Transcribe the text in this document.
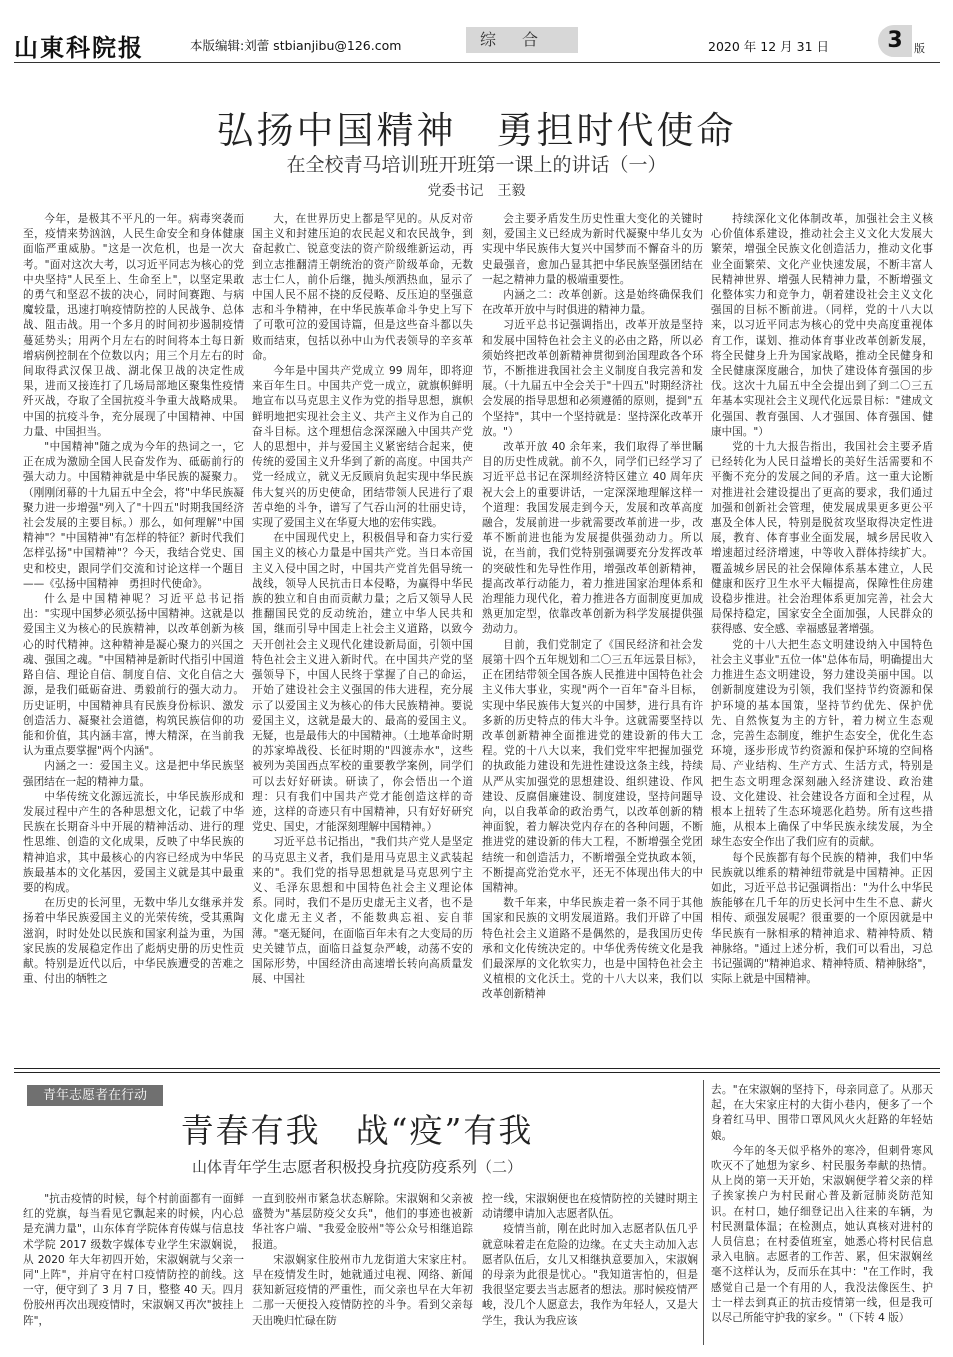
山東科院报	本版编辑:刘蕾 stbianjibu@126.com	综合	2020 年 12 月 31 日	3	版
弘扬中国精神　勇担时代使命
在全校青马培训班开班第一课上的讲话（一）
党委书记　王毅

今年，是极其不平凡的一年。病毒突袭而至，疫情来势汹汹，人民生命安全和身体健康面临严重威胁。"这是一次危机，也是一次大考。"面对这次大考，以习近平同志为核心的党中央坚持"人民至上、生命至上"，以坚定果敢的勇气和坚忍不拔的决心，同时间赛跑、与病魔较量，迅速打响疫情防控的人民战争、总体战、阻击战。用一个多月的时间初步遏制疫情蔓延势头；用两个月左右的时间将本土每日新增病例控制在个位数以内；用三个月左右的时间取得武汉保卫战、湖北保卫战的决定性成果，进而又接连打了几场局部地区聚集性疫情歼灭战，夺取了全国抗疫斗争重大战略成果。中国的抗疫斗争，充分展现了中国精神、中国力量、中国担当。

"中国精神"随之成为今年的热词之一，它正在成为激励全国人民奋发作为、砥砺前行的强大动力。中国精神就是中华民族的凝聚力。（刚刚闭幕的十九届五中全会，将"中华民族凝聚力进一步增强"列入了"十四五"时期我国经济社会发展的主要目标。）那么，如何理解"中国精神"？"中国精神"有怎样的特征？新时代我们怎样弘扬"中国精神"？今天，我结合党史、国史和校史，跟同学们交流和讨论这样一个题目——《弘扬中国精神　勇担时代使命》。

什么是中国精神呢？习近平总书记指出："实现中国梦必须弘扬中国精神。这就是以爱国主义为核心的民族精神，以改革创新为核心的时代精神。这种精神是凝心聚力的兴国之魂、强国之魂。"中国精神是新时代指引中国道路自信、理论自信、制度自信、文化自信之大源，是我们砥砺奋进、勇毅前行的强大动力。历史证明，中国精神具有民族身份标识、激发创造活力、凝聚社会道德，构筑民族信仰的功能和价值，其内涵丰富，博大精深，在当前我认为重点要掌握"两个内涵"。

内涵之一：爱国主义。这是把中华民族坚强团结在一起的精神力量。

中华传统文化源远流长，中华民族形成和发展过程中产生的各种思想文化，记载了中华民族在长期奋斗中开展的精神活动、进行的理性思维、创造的文化成果，反映了中华民族的精神追求，其中最核心的内容已经成为中华民族最基本的文化基因，爱国主义就是其中最重要的构成。

在历史的长河里，无数中华儿女继承并发扬着中华民族爱国主义的光荣传统，受其熏陶滋润，时时处处以民族和国家利益为重，为国家民族的发展稳定作出了彪炳史册的历史性贡献。特别是近代以后，中华民族遭受的苦难之重、付出的牺牲之

大，在世界历史上都是罕见的。从反对帝国主义和封建压迫的农民起义和农民战争，到奋起救亡、锐意变法的资产阶级维新运动，再到立志推翻清王朝统治的资产阶级革命，无数志士仁人，前仆后继，抛头颅洒热血，显示了中国人民不屈不挠的反侵略、反压迫的坚强意志和斗争精神，在中华民族革命斗争史上写下了可歌可泣的爱国诗篇，但是这些奋斗都以失败而结束，包括以孙中山为代表领导的辛亥革命。

今年是中国共产党成立 99 周年，即将迎来百年生日。中国共产党一成立，就旗帜鲜明地宣布以马克思主义作为党的指导思想，旗帜鲜明地把实现社会主义、共产主义作为自己的奋斗目标。这个理想信念深深融入中国共产党人的思想中，并与爱国主义紧密结合起来，使传统的爱国主义升华到了新的高度。中国共产党一经成立，就义无反顾肩负起实现中华民族伟大复兴的历史使命，团结带领人民进行了艰苦卓绝的斗争，谱写了气吞山河的壮丽史诗，实现了爱国主义在华夏大地的宏伟实践。

在中国现代史上，积极倡导和奋力实行爱国主义的核心力量是中国共产党。当日本帝国主义入侵中国之时，中国共产党首先倡导统一战线，领导人民抗击日本侵略，为赢得中华民族的独立和自由而贡献力量；之后又领导人民推翻国民党的反动统治，建立中华人民共和国，继而引导中国走上社会主义道路，以致今天开创社会主义现代化建设新局面，引领中国特色社会主义进入新时代。在中国共产党的坚强领导下，中国人民终于掌握了自己的命运，开始了建设社会主义强国的伟大进程，充分展示了以爱国主义为核心的伟大民族精神。要说爱国主义，这就是最大的、最高的爱国主义。无疑，也是最伟大的中国精神。（土地革命时期的苏家埠战役、长征时期的"四渡赤水"，这些被列为美国西点军校的重要教学案例，同学们可以去好好研读。研读了，你会悟出一个道理：只有我们中国共产党才能创造这样的奇迹，这样的奇迹只有中国精神，只有好好研究党史、国史，才能深刻理解中国精神。）

习近平总书记指出，"我们共产党人是坚定的马克思主义者，我们是用马克思主义武装起来的"。我们党的指导思想就是马克思列宁主义、毛泽东思想和中国特色社会主义理论体系。同时，我们不是历史虚无主义者，也不是文化虚无主义者，不能数典忘祖、妄自菲薄。"毫无疑问，在面临百年未有之大变局的历史关键节点，面临日益复杂严峻，动荡不安的国际形势，中国经济由高速增长转向高质量发展、中国社

会主要矛盾发生历史性重大变化的关键时刻，爱国主义已经成为新时代凝聚中华儿女为实现中华民族伟大复兴中国梦而不懈奋斗的历史最强音，愈加凸显其把中华民族坚强团结在一起之精神力量的极端重要性。

内涵之二：改革创新。这是始终确保我们在改革开放中与时俱进的精神力量。

习近平总书记强调指出，改革开放是坚持和发展中国特色社会主义的必由之路，所以必须始终把改革创新精神贯彻到治国理政各个环节，不断推进我国社会主义制度自我完善和发展。（十九届五中全会关于"十四五"时期经济社会发展的指导思想和必须遵循的原则，提到"五个坚持"，其中一个坚持就是：坚持深化改革开放。"）

改革开放 40 余年来，我们取得了举世瞩目的历史性成就。前不久，同学们已经学习了习近平总书记在深圳经济特区建立 40 周年庆祝大会上的重要讲话，一定深深地理解这样一个道理：我国发展走到今天，发展和改革高度融合，发展前进一步就需要改革前进一步，改革不断前进也能为发展提供强劲动力。所以说，在当前，我们党特别强调要充分发挥改革的突破性和先导性作用，增强改革创新精神，提高改革行动能力，着力推进国家治理体系和治理能力现代化，着力推进各方面制度更加成熟更加定型，依靠改革创新为科学发展提供强劲动力。

目前，我们党制定了《国民经济和社会发展第十四个五年规划和二〇三五年远景目标》，正在团结带领全国各族人民推进中国特色社会主义伟大事业，实现"两个一百年"奋斗目标，实现中华民族伟大复兴的中国梦，进行具有许多新的历史特点的伟大斗争。这就需要坚持以改革创新精神全面推进党的建设新的伟大工程。党的十八大以来，我们党牢牢把握加强党的执政能力建设和先进性建设这条主线，持续从严从实加强党的思想建设、组织建设、作风建设、反腐倡廉建设、制度建设，坚持问题导向，以自我革命的政治勇气，以改革创新的精神面貌，着力解决党内存在的各种问题，不断推进党的建设新的伟大工程，不断增强全党团结统一和创造活力，不断增强全党执政本领，不断提高党治党水平，还无不体现出伟大的中国精神。

数千年来，中华民族走着一条不同于其他国家和民族的文明发展道路。我们开辟了中国特色社会主义道路不是偶然的，是我国历史传承和文化传统决定的。中华优秀传统文化是我们最深厚的文化软实力，也是中国特色社会主义植根的文化沃土。党的十八大以来，我们以改革创新精神

持续深化文化体制改革，加强社会主义核心价值体系建设，推动社会主义文化大发展大繁荣，增强全民族文化创造活力，推动文化事业全面繁荣、文化产业快速发展，不断丰富人民精神世界、增强人民精神力量，不断增强文化整体实力和竞争力，朝着建设社会主义文化强国的目标不断前进。（同样，党的十八大以来，以习近平同志为核心的党中央高度重视体育工作，谋划、推动体育事业改革创新发展，将全民健身上升为国家战略，推动全民健身和全民健康深度融合，加快了建设体育强国的步伐。这次十九届五中全会提出到了到二〇三五年基本实现社会主义现代化远景目标："建成文化强国、教育强国、人才强国、体育强国、健康中国。"）

党的十九大报告指出，我国社会主要矛盾已经转化为人民日益增长的美好生活需要和不平衡不充分的发展之间的矛盾。这一重大论断对推进社会建设提出了更高的要求，我们通过加强和创新社会管理，使发展成果更多更公平惠及全体人民，特别是脱贫攻坚取得决定性进展，教育、体育事业全面发展，城乡居民收入增速超过经济增速，中等收入群体持续扩大。覆盖城乡居民的社会保障体系基本建立，人民健康和医疗卫生水平大幅提高，保障性住房建设稳步推进。社会治理体系更加完善，社会大局保持稳定，国家安全全面加强，人民群众的获得感、安全感、幸福感显著增强。

党的十八大把生态文明建设纳入中国特色社会主义事业"五位一体"总体布局，明确提出大力推进生态文明建设，努力建设美丽中国。以创新制度建设为引领，我们坚持节约资源和保护环境的基本国策，坚持节约优先、保护优先、自然恢复为主的方针，着力树立生态观念，完善生态制度，维护生态安全，优化生态环境，逐步形成节约资源和保护环境的空间格局、产业结构、生产方式、生活方式，特别是把生态文明理念深刻融入经济建设、政治建设、文化建设、社会建设各方面和全过程，从根本上扭转了生态环境恶化趋势。所有这些措施，从根本上确保了中华民族永续发展，为全球生态安全作出了我们应有的贡献。

每个民族都有每个民族的精神，我们中华民族就以维系的精神纽带就是中国精神。正因如此，习近平总书记强调指出："为什么中华民族能够在几千年的历史长河中生生不息、薪火相传、顽强发展呢？很重要的一个原因就是中华民族有一脉相承的精神追求、精神特质、精神脉络。"通过上述分析，我们可以看出，习总书记强调的"精神追求、精神特质、精神脉络"，实际上就是中国精神。

青年志愿者在行动
青春有我　战“疫”有我
山体青年学生志愿者积极投身抗疫防疫系列（二）

"抗击疫情的时候，每个村前面都有一面鲜红的党旗，每当看见它飘起来的时候，内心总是充满力量"，山东体育学院体育传媒与信息技术学院 2017 级数字媒体专业学生宋淑娴说，从 2020 年大年初四开始，宋淑娴就与父亲一同"上阵"，并肩守在村口疫情防控的前线。这一守，便守到了 3 月 7 日，整整 40 天。四月份胶州再次出现疫情时，宋淑娴又再次"披挂上阵"，

一直到胶州市紧急状态解除。宋淑娴和父亲被盛赞为"基层防疫父女兵"，他们的事迹也被新华社客户端、"我爱金胶州"等公众号相继追踪报道。

宋淑娴家住胶州市九龙街道大宋家庄村。早在疫情发生时，她就通过电视、网络、新闻获知新冠疫情的严重性，而父亲也早在大年初二那一天便投入疫情防控的斗争。看到父亲每天出晚归忙碌在防

控一线，宋淑娴便也在疫情防控的关键时期主动请缨申请加入志愿者队伍。

疫情当前，刚在此时加入志愿者队伍几乎就意味着走在危险的边缘。在丈夫主动加入志愿者队伍后，女儿又相继执意要加入，宋淑娴的母亲为此很是忧心。"我知道害怕的，但是我很坚定要去当志愿者的想法。那时候疫情严峻，没几个人愿意去，我作为年轻人，又是大学生，我认为我应该

去。"在宋淑娴的坚持下，母亲同意了。从那天起，在大宋家庄村的大街小巷内，便多了一个身着红马甲、围带口罩风风火火赶路的年轻姑娘。

今年的冬天似乎格外的寒冷，但刺骨寒风吹灭不了她想为家乡、村民服务奉献的热情。从上岗的第一天开始，宋淑娴便学着父亲的样子挨家挨户为村民耐心普及新冠肺炎防范知识。在村口，她仔细登记出入往来的车辆，为村民测量体温；在检测点，她认真核对进村的人员信息；在村委值班室，她悉心将村民信息录入电脑。志愿者的工作苦、累，但宋淑娴丝毫不这样认为，反而乐在其中："在工作时，我感觉自己是一个有用的人，我没法像医生、护士一样去到真正的抗击疫情第一线，但是我可以尽己所能守护我的家乡。"（下转 4 版）
